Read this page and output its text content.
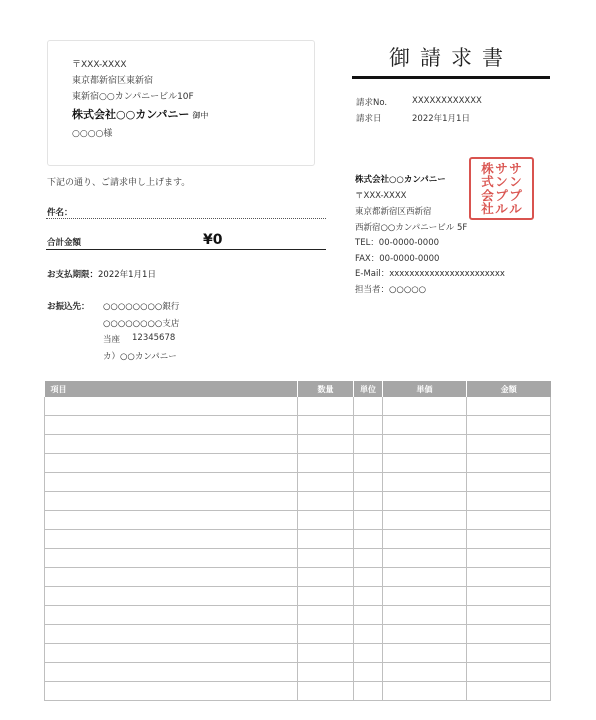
〒XXX-XXXX
東京都新宿区東新宿
東新宿○○カンパニービル10F
株式会社○○カンパニー 御中
○○○○様
御請求書
請求No.	XXXXXXXXXXXX
請求日	2022年1月1日
下記の通り、ご請求申し上げます。
件名：
合計金額	¥0
お支払期限：2022年1月1日
お振込先： ○○○○○○○○銀行
○○○○○○○○支店
当座 12345678
カ）○○カンパニー
株式会社○○カンパニー
〒XXX-XXXX
東京都新宿区西新宿
西新宿○○カンパニービル 5F
TEL：00-0000-0000
FAX：00-0000-0000
E-Mail：xxxxxxxxxxxxxxxxxxxxxxx
担当者：○○○○○
サ
ン
プ
ル
サ
ン
プ
ル
株
式
会
社
項目	数量	単位	単価	金額
